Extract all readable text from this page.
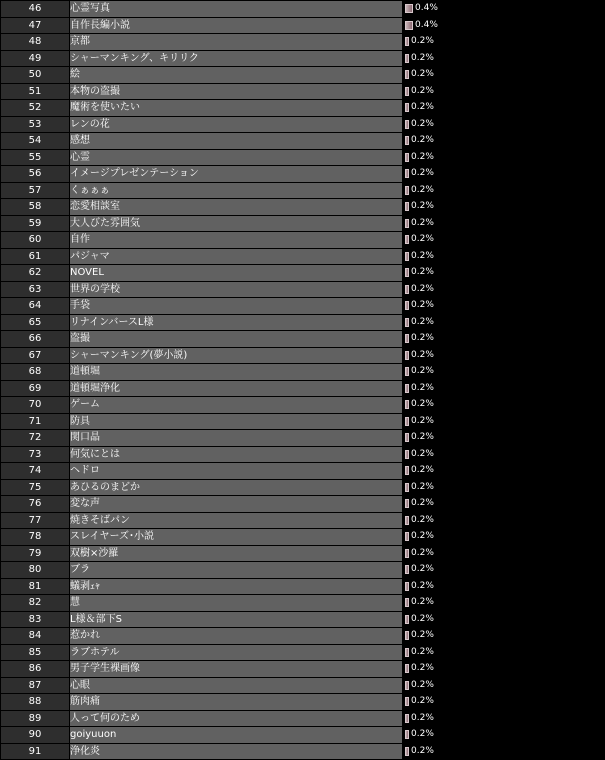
46	心霊写真	0.4%
47	自作長編小説	0.4%
48	京都	0.2%
49	シャーマンキング、キリリク	0.2%
50	絵	0.2%
51	本物の盗撮	0.2%
52	魔術を使いたい	0.2%
53	レンの花	0.2%
54	感想	0.2%
55	心霊	0.2%
56	イメージプレゼンテーション	0.2%
57	くぁぁぁ	0.2%
58	恋愛相談室	0.2%
59	大人びた雰囲気	0.2%
60	自作	0.2%
61	パジャマ	0.2%
62	NOVEL	0.2%
63	世界の学校	0.2%
64	手袋	0.2%
65	リナインバースL様	0.2%
66	盗撮	0.2%
67	シャーマンキング(夢小説)	0.2%
68	道頓堀	0.2%
69	道頓堀浄化	0.2%
70	ゲーム	0.2%
71	防具	0.2%
72	関口晶	0.2%
73	何気にとは	0.2%
74	ヘドロ	0.2%
75	あひるのまどか	0.2%
76	変な声	0.2%
77	焼きそばパン	0.2%
78	スレイヤーズ･小説	0.2%
79	双樹×沙羅	0.2%
80	ブラ	0.2%
81	蟻剥ｪｬ	0.2%
82	慧	0.2%
83	L様＆部下S	0.2%
84	惹かれ	0.2%
85	ラブホテル	0.2%
86	男子学生裸画像	0.2%
87	心眼	0.2%
88	筋肉痛	0.2%
89	人って何のため	0.2%
90	goiyuuon	0.2%
91	浄化炎	0.2%
